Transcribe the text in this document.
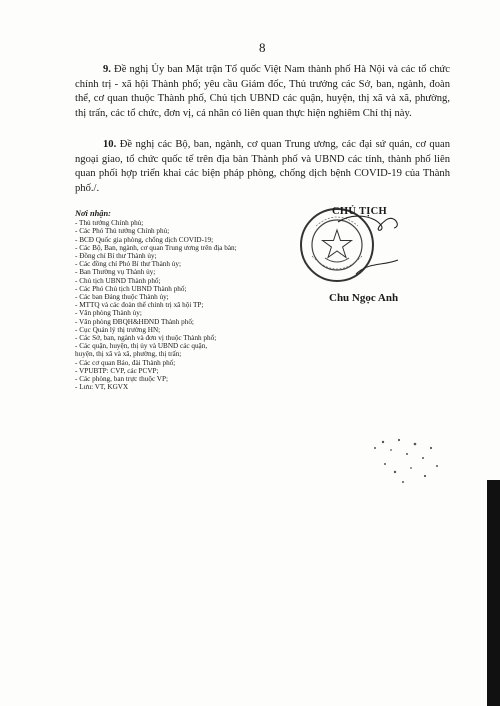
8
9. Đề nghị Ủy ban Mặt trận Tổ quốc Việt Nam thành phố Hà Nội và các tổ chức chính trị - xã hội Thành phố; yêu cầu Giám đốc, Thủ trưởng các Sở, ban, ngành, đoàn thể, cơ quan thuộc Thành phố, Chủ tịch UBND các quận, huyện, thị xã và xã, phường, thị trấn, các tổ chức, đơn vị, cá nhân có liên quan thực hiện nghiêm Chỉ thị này.
10. Đề nghị các Bộ, ban, ngành, cơ quan Trung ương, các đại sứ quán, cơ quan ngoại giao, tổ chức quốc tế trên địa bàn Thành phố và UBND các tỉnh, thành phố liên quan phối hợp triển khai các biện pháp phòng, chống dịch bệnh COVID-19 của Thành phố./.
Nơi nhận:
- Thủ tướng Chính phủ;
- Các Phó Thủ tướng Chính phủ;
- BCĐ Quốc gia phòng, chống dịch COVID-19;
- Các Bộ, Ban, ngành, cơ quan Trung ương trên địa bàn;
- Đồng chí Bí thư Thành ủy;
- Các đồng chí Phó Bí thư Thành ủy;
- Ban Thường vụ Thành ủy;
- Chủ tịch UBND Thành phố;
- Các Phó Chủ tịch UBND Thành phố;
- Các ban Đảng thuộc Thành ủy;
- MTTQ và các đoàn thể chính trị xã hội TP;
- Văn phòng Thành ủy;
- Văn phòng ĐBQH&HĐND Thành phố;
- Cục Quản lý thị trường HN;
- Các Sở, ban, ngành và đơn vị thuộc Thành phố;
- Các quận, huyện, thị ủy và UBND các quận,
huyện, thị xã và xã, phường, thị trấn;
- Các cơ quan Báo, đài Thành phố;
- VPUBTP: CVP, các PCVP;
- Các phòng, ban trực thuộc VP;
- Lưu: VT, KGVX
CHỦ TỊCH
Chu Ngọc Anh
